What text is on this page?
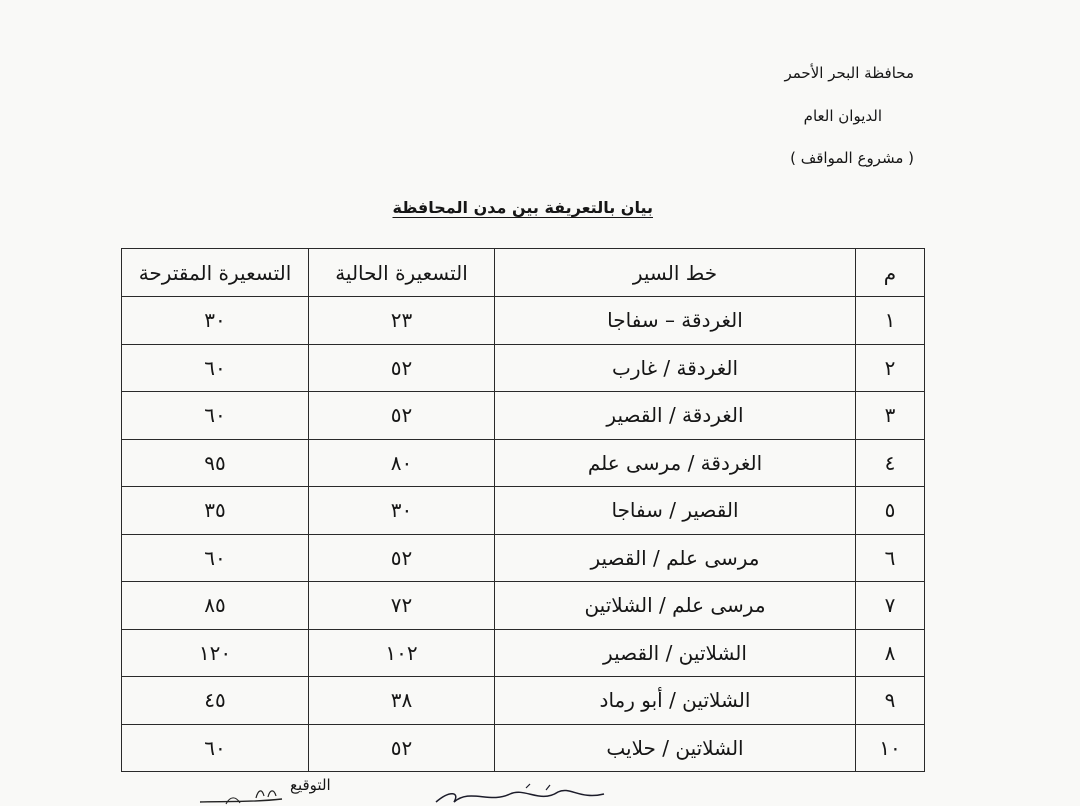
محافظة البحر الأحمر
الديوان العام
( مشروع المواقف )
بيان بالتعريفة بين مدن المحافظة
م	خط السير	التسعيرة الحالية	التسعيرة المقترحة
١	الغردقة – سفاجا	٢٣	٣٠
٢	الغردقة / غارب	٥٢	٦٠
٣	الغردقة / القصير	٥٢	٦٠
٤	الغردقة / مرسى علم	٨٠	٩٥
٥	القصير / سفاجا	٣٠	٣٥
٦	مرسى علم / القصير	٥٢	٦٠
٧	مرسى علم / الشلاتين	٧٢	٨٥
٨	الشلاتين / القصير	١٠٢	١٢٠
٩	الشلاتين / أبو رماد	٣٨	٤٥
١٠	الشلاتين / حلايب	٥٢	٦٠
التوقيع
